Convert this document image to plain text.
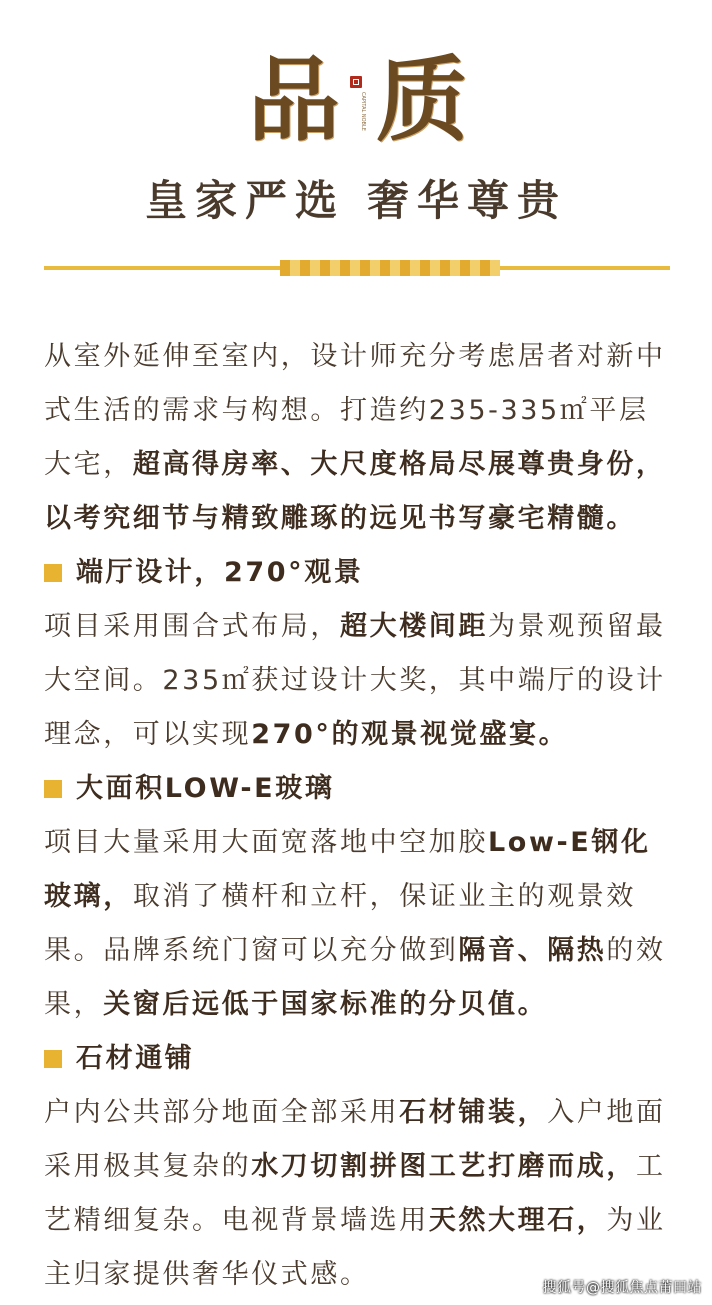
品	CAPITAL NOBLE 质
皇家严选 奢华尊贵

从室外延伸至室内，设计师充分考虑居者对新中式生活的需求与构想。打造约235-335㎡平层大宅，超高得房率、大尺度格局尽展尊贵身份，以考究细节与精致雕琢的远见书写豪宅精髓。

端厅设计，270°观景

项目采用围合式布局，超大楼间距为景观预留最大空间。235㎡获过设计大奖，其中端厅的设计理念，可以实现270°的观景视觉盛宴。

大面积LOW-E玻璃

项目大量采用大面宽落地中空加胶Low-E钢化玻璃，取消了横杆和立杆，保证业主的观景效果。品牌系统门窗可以充分做到隔音、隔热的效果，关窗后远低于国家标准的分贝值。

石材通铺

户内公共部分地面全部采用石材铺装，入户地面采用极其复杂的水刀切割拼图工艺打磨而成，工艺精细复杂。电视背景墙选用天然大理石，为业主归家提供奢华仪式感。	搜狐号@搜狐焦点莆田站
